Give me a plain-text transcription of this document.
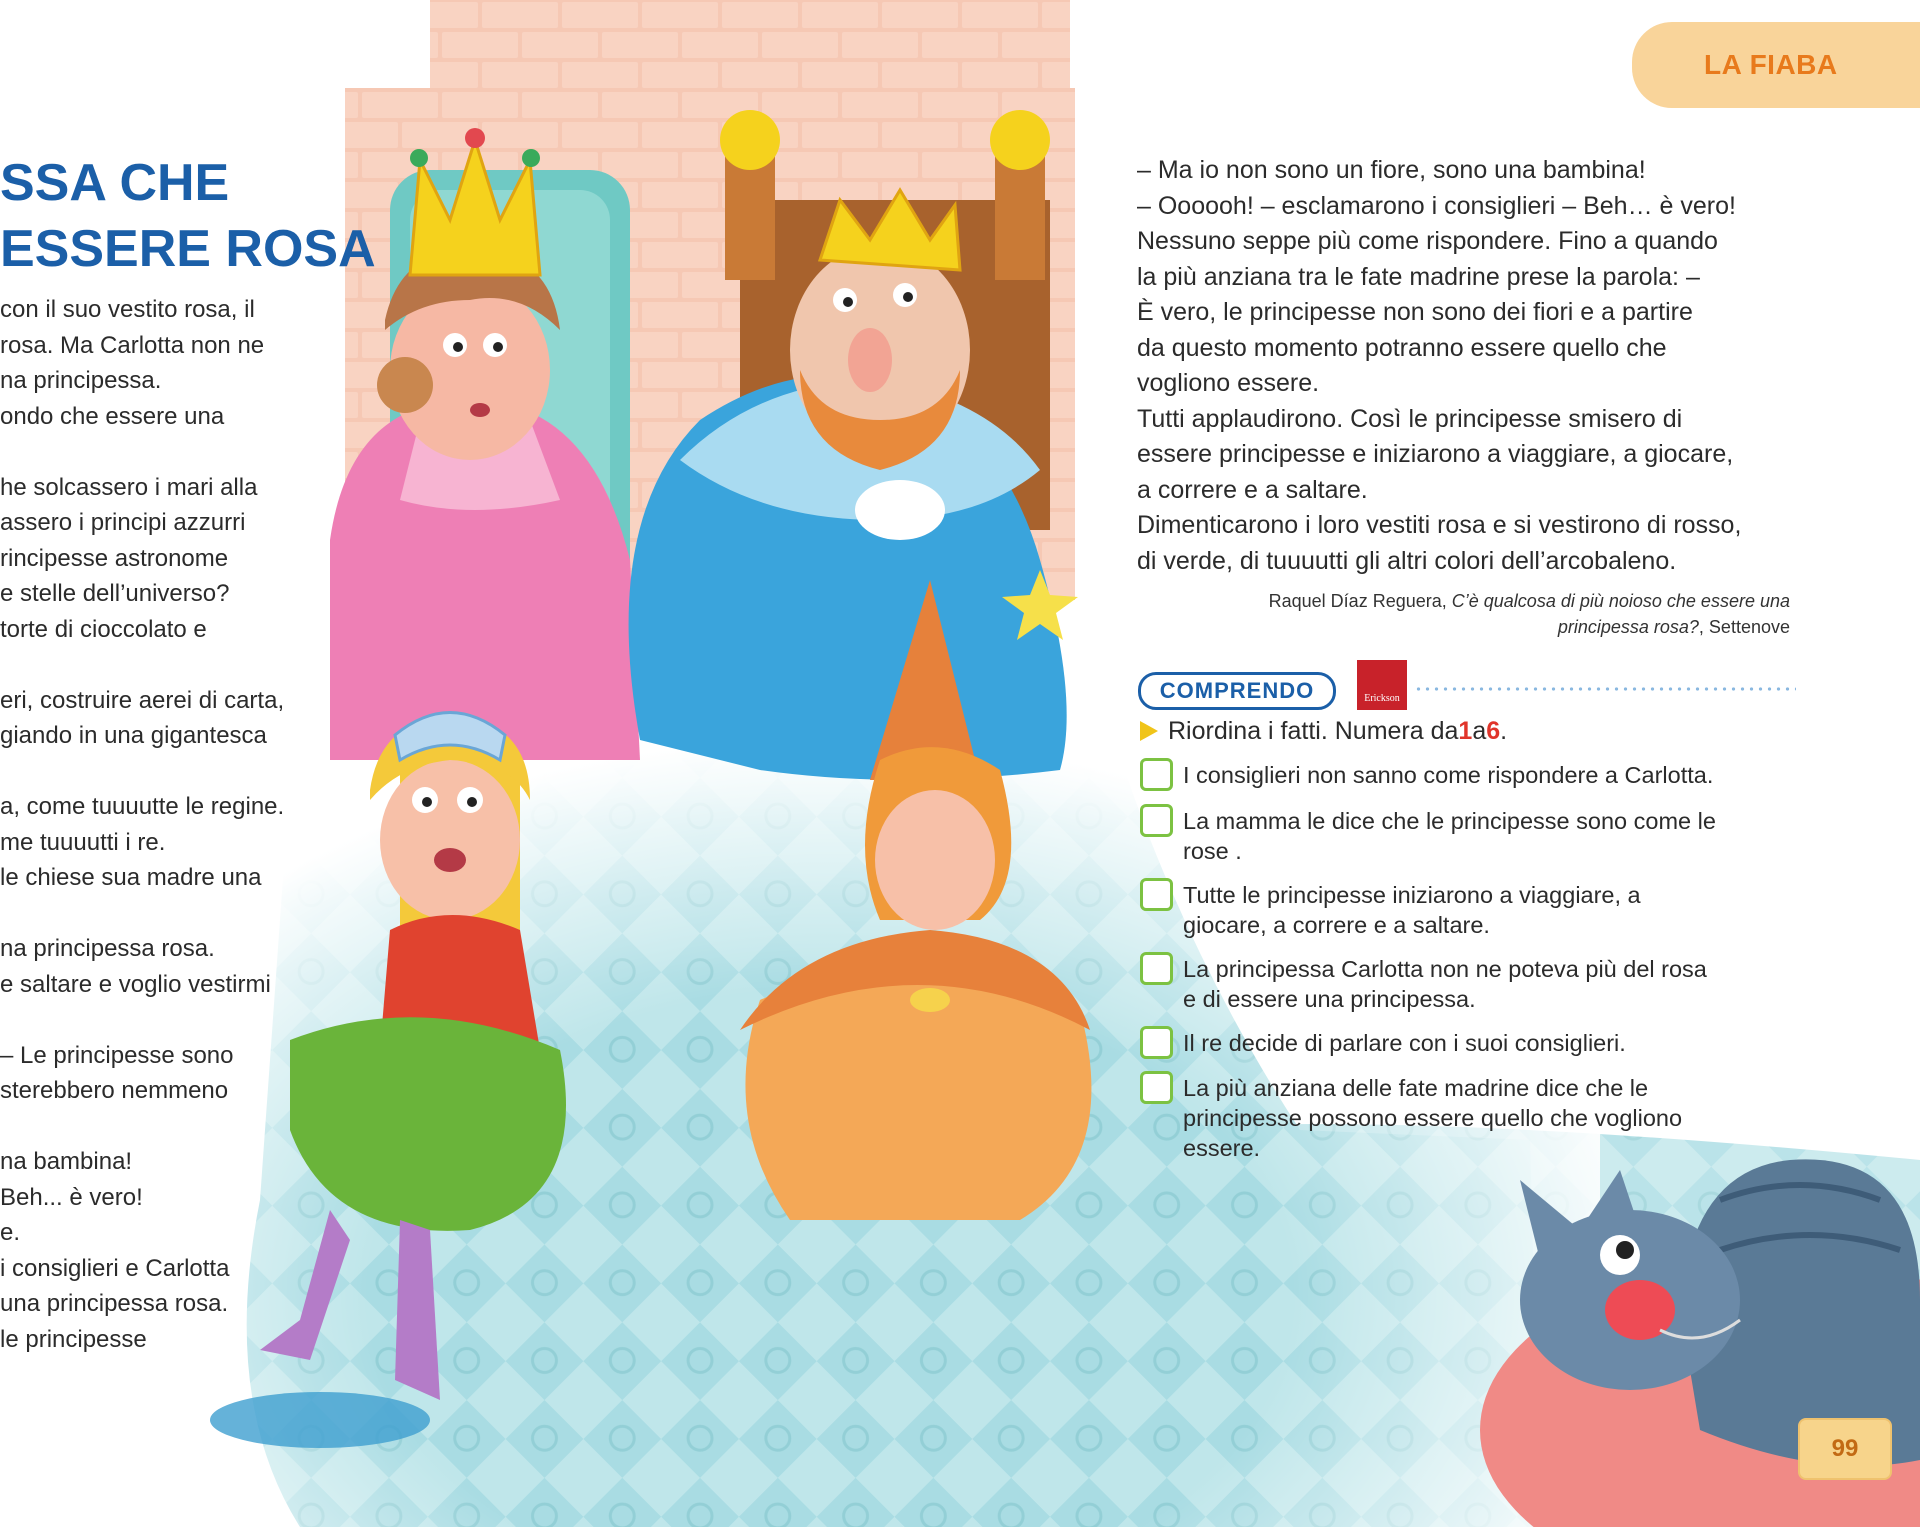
LA FIABA
SSA CHE
ESSERE ROSA
con il suo vestito rosa, il
rosa. Ma Carlotta non ne
na principessa.
ondo che essere una
he solcassero i mari alla
assero i principi azzurri
rincipesse astronome
e stelle dell’universo?
torte di cioccolato e
eri, costruire aerei di carta,
giando in una gigantesca
a, come tuuuutte le regine.
me tuuuutti i re.
le chiese sua madre una
na principessa rosa.
e saltare e voglio vestirmi
– Le principesse sono
sterebbero nemmeno
na bambina!
Beh... è vero!
e.
i consiglieri e Carlotta
una principessa rosa.
le principesse
– Ma io non sono un fiore, sono una bambina!
– Oooooh! – esclamarono i consiglieri – Beh… è vero!
Nessuno seppe più come rispondere. Fino a quando
la più anziana tra le fate madrine prese la parola: –
È vero, le principesse non sono dei fiori e a partire
da questo momento potranno essere quello che
vogliono essere.
Tutti applaudirono. Così le principesse smisero di
essere principesse e iniziarono a viaggiare, a giocare,
a correre e a saltare.
Dimenticarono i loro vestiti rosa e si vestirono di rosso,
di verde, di tuuuutti gli altri colori dell’arcobaleno.
Raquel Díaz Reguera, C’è qualcosa di più noioso che essere una
principessa rosa?, Settenove
COMPRENDO	Erickson
Riordina i fatti. Numera da 1 a 6 .
I consiglieri non sanno come rispondere a Carlotta.
La mamma le dice che le principesse sono come le
rose .
Tutte le principesse iniziarono a viaggiare, a
giocare, a correre e a saltare.
La principessa Carlotta non ne poteva più del rosa
e di essere una principessa.
Il re decide di parlare con i suoi consiglieri.
La più anziana delle fate madrine dice che le
principesse possono essere quello che vogliono
essere.
99
